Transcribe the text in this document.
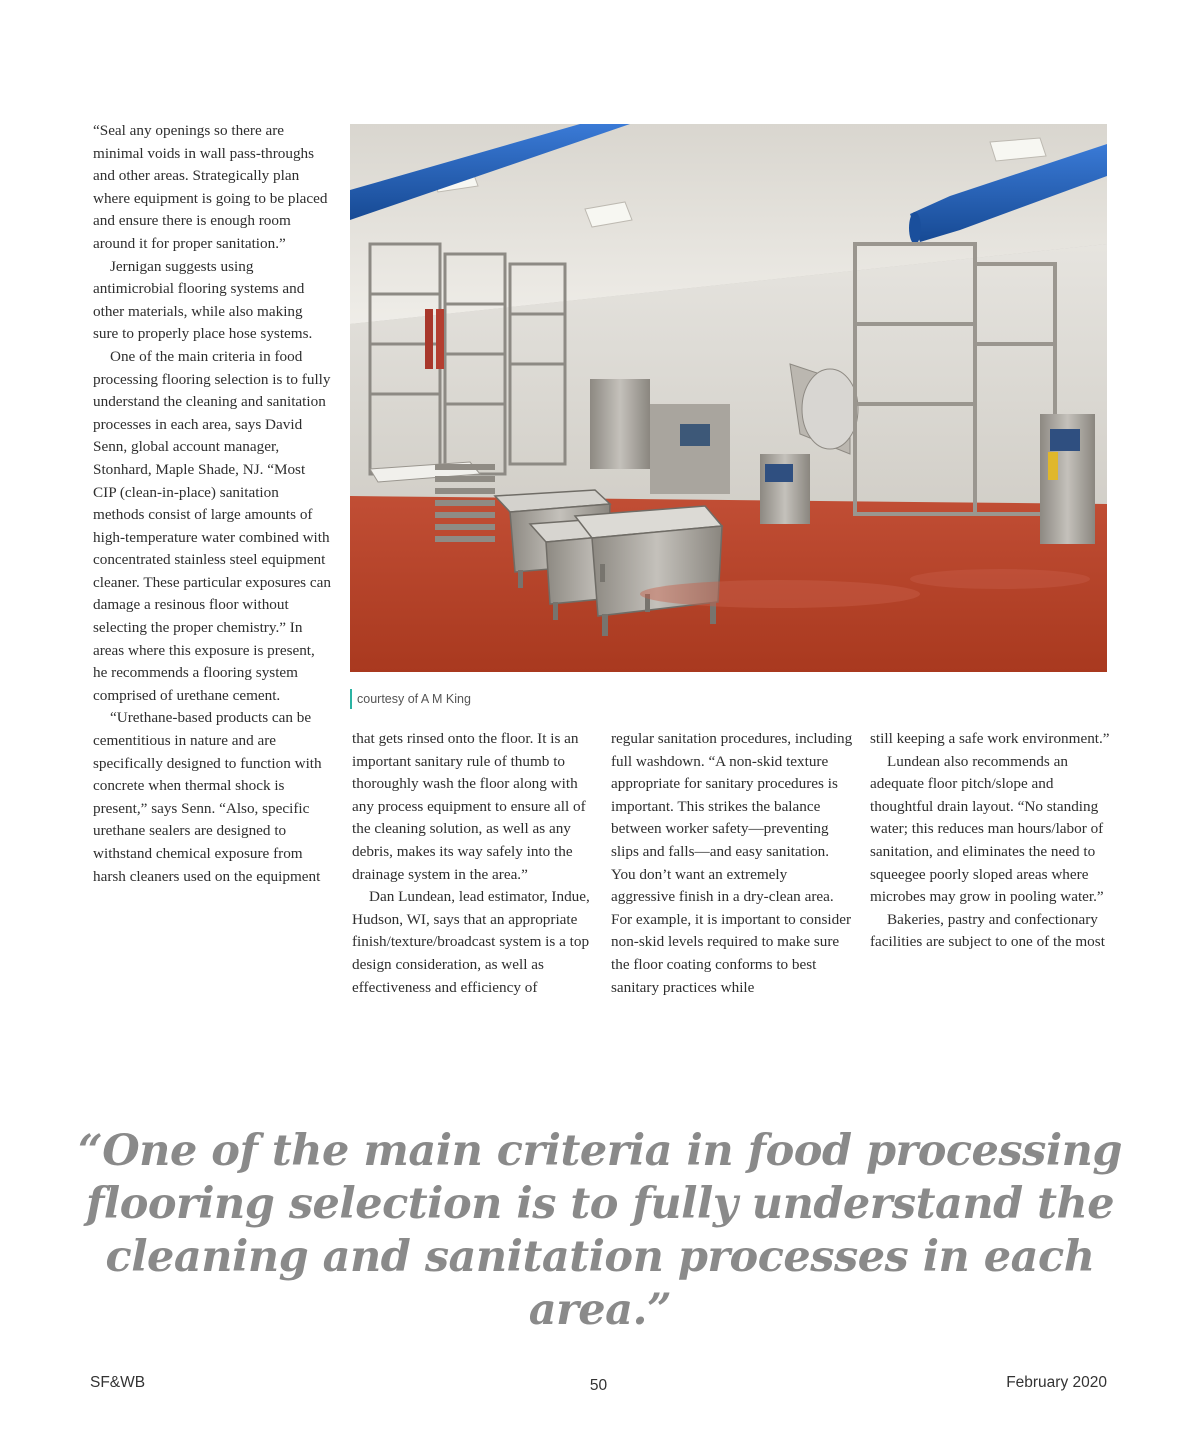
“Seal any openings so there are minimal voids in wall pass-throughs and other areas. Strategically plan where equipment is going to be placed and ensure there is enough room around it for proper sanitation.”

Jernigan suggests using antimicrobial flooring systems and other materials, while also making sure to properly place hose systems.

One of the main criteria in food processing flooring selection is to fully understand the cleaning and sanitation processes in each area, says David Senn, global account manager, Stonhard, Maple Shade, NJ. “Most CIP (clean-in-place) sanitation methods consist of large amounts of high-temperature water combined with concentrated stainless steel equipment cleaner. These particular exposures can damage a resinous floor without selecting the proper chemistry.” In areas where this exposure is present, he recommends a flooring system comprised of urethane cement.

“Urethane-based products can be cementitious in nature and are specifically designed to function with concrete when thermal shock is present,” says Senn. “Also, specific urethane sealers are designed to withstand chemical exposure from harsh cleaners used on the equipment

courtesy of A M King

that gets rinsed onto the floor. It is an important sanitary rule of thumb to thoroughly wash the floor along with any process equipment to ensure all of the cleaning solution, as well as any debris, makes its way safely into the drainage system in the area.”

Dan Lundean, lead estimator, Indue, Hudson, WI, says that an appropriate finish/texture/broadcast system is a top design consideration, as well as effectiveness and efficiency of

regular sanitation procedures, including full washdown. “A non-skid texture appropriate for sanitary procedures is important. This strikes the balance between worker safety—preventing slips and falls—and easy sanitation. You don’t want an extremely aggressive finish in a dry-clean area. For example, it is important to consider non-skid levels required to make sure the floor coating conforms to best sanitary practices while

still keeping a safe work environment.”

Lundean also recommends an adequate floor pitch/slope and thoughtful drain layout. “No standing water; this reduces man hours/labor of sanitation, and eliminates the need to squeegee poorly sloped areas where microbes may grow in pooling water.”

Bakeries, pastry and confectionary facilities are subject to one of the most

“One of the main criteria in food processing
flooring selection is to fully understand the
cleaning and sanitation processes in each area.”
SF&WB	50	February 2020
